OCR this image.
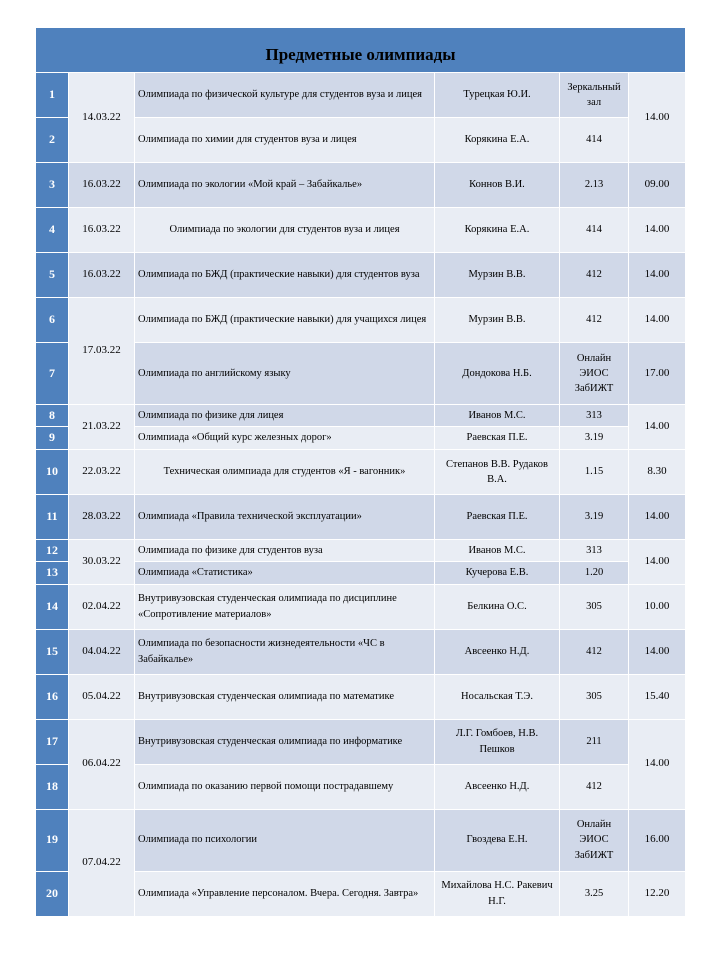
Предметные олимпиады					
1	14.03.22	Олимпиада по физической культуре для студентов вуза и лицея	Турецкая Ю.И.	Зеркальный зал	14.00
2		Олимпиада по химии для студентов вуза и лицея	Корякина Е.А.	414	
3	16.03.22	Олимпиада по экологии «Мой край – Забайкалье»	Коннов В.И.	2.13	09.00
4	16.03.22	Олимпиада по экологии для студентов вуза и лицея	Корякина Е.А.	414	14.00
5	16.03.22	Олимпиада по БЖД (практические навыки) для студентов вуза	Мурзин В.В.	412	14.00
6	17.03.22	Олимпиада по БЖД (практические навыки) для учащихся лицея	Мурзин В.В.	412	14.00
7		Олимпиада по английскому языку	Дондокова Н.Б.	Онлайн ЭИОС ЗабИЖТ	17.00
8	21.03.22	Олимпиада по физике для лицея	Иванов М.С.	313	14.00
9		Олимпиада «Общий курс железных дорог»	Раевская П.Е.	3.19	
10	22.03.22	Техническая олимпиада для студентов «Я - вагонник»	Степанов В.В. Рудаков В.А.	1.15	8.30
11	28.03.22	Олимпиада «Правила технической эксплуатации»	Раевская П.Е.	3.19	14.00
12	30.03.22	Олимпиада по физике для студентов вуза	Иванов М.С.	313	14.00
13		Олимпиада «Статистика»	Кучерова Е.В.	1.20	
14	02.04.22	Внутривузовская студенческая олимпиада по дисциплине «Сопротивление материалов»	Белкина О.С.	305	10.00
15	04.04.22	Олимпиада по безопасности жизнедеятельности «ЧС в Забайкалье»	Авсеенко Н.Д.	412	14.00
16	05.04.22	Внутривузовская студенческая олимпиада по математике	Носальская Т.Э.	305	15.40
17	06.04.22	Внутривузовская студенческая олимпиада по информатике	Л.Г. Гомбоев, Н.В. Пешков	211	14.00
18		Олимпиада по оказанию первой помощи пострадавшему	Авсеенко Н.Д.	412	
19	07.04.22	Олимпиада по психологии	Гвоздева Е.Н.	Онлайн ЭИОС ЗабИЖТ	16.00
20		Олимпиада «Управление персоналом. Вчера. Сегодня. Завтра»	Михайлова Н.С. Ракевич Н.Г.	3.25	12.20
